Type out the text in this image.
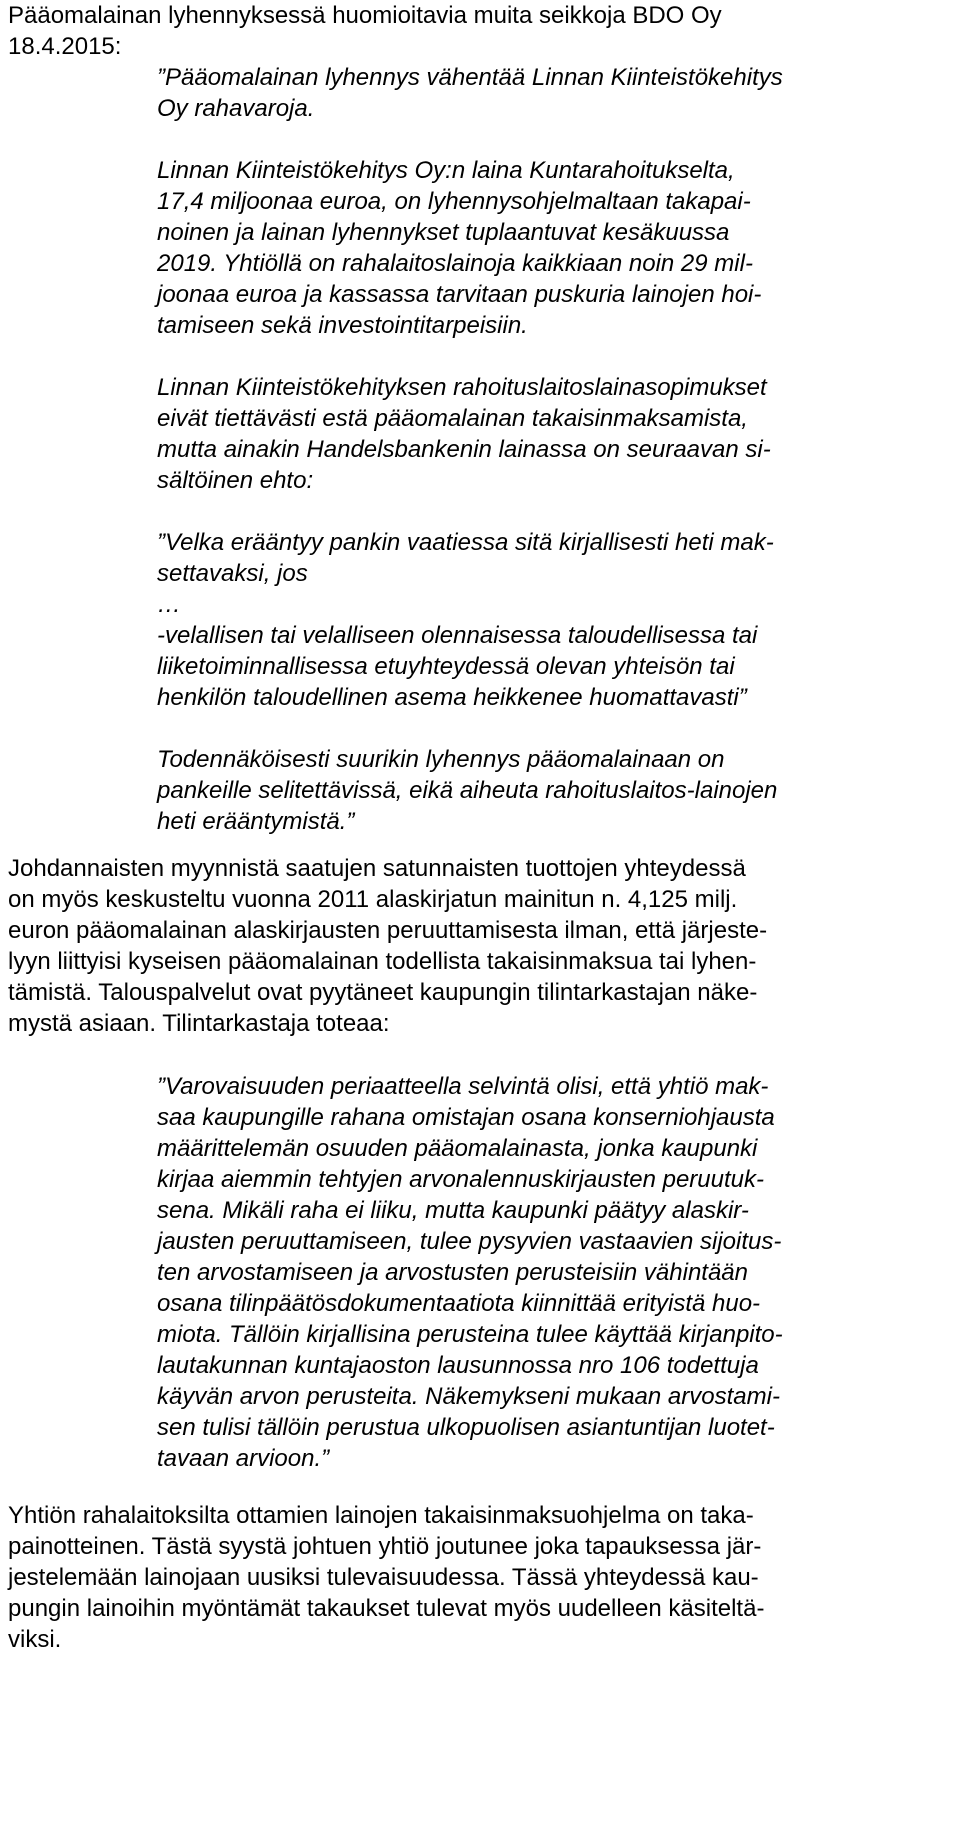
Pääomalainan lyhennyksessä huomioitavia muita seikkoja BDO Oy

18.4.2015:

”Pääomalainan lyhennys vähentää Linnan Kiinteistökehitys

Oy rahavaroja.

Linnan Kiinteistökehitys Oy:n laina Kuntarahoitukselta,

17,4 miljoonaa euroa, on lyhennysohjelmaltaan takapai-

noinen ja lainan lyhennykset tuplaantuvat kesäkuussa

2019. Yhtiöllä on rahalaitoslainoja kaikkiaan noin 29 mil-

joonaa euroa ja kassassa tarvitaan puskuria lainojen hoi-

tamiseen sekä investointitarpeisiin.

Linnan Kiinteistökehityksen rahoituslaitoslainasopimukset

eivät tiettävästi estä pääomalainan takaisinmaksamista,

mutta ainakin Handelsbankenin lainassa on seuraavan si-

sältöinen ehto:

”Velka erääntyy pankin vaatiessa sitä kirjallisesti heti mak-

settavaksi, jos

…

-velallisen tai velalliseen olennaisessa taloudellisessa tai

liiketoiminnallisessa etuyhteydessä olevan yhteisön tai

henkilön taloudellinen asema heikkenee huomattavasti”

Todennäköisesti suurikin lyhennys pääomalainaan on

pankeille selitettävissä, eikä aiheuta rahoituslaitos-lainojen

heti erääntymistä.”

Johdannaisten myynnistä saatujen satunnaisten tuottojen yhteydessä

on myös keskusteltu vuonna 2011 alaskirjatun mainitun n. 4,125 milj.

euron pääomalainan alaskirjausten peruuttamisesta ilman, että järjeste-

lyyn liittyisi kyseisen pääomalainan todellista takaisinmaksua tai lyhen-

tämistä. Talouspalvelut ovat pyytäneet kaupungin tilintarkastajan näke-

mystä asiaan. Tilintarkastaja toteaa:

”Varovaisuuden periaatteella selvintä olisi, että yhtiö mak-

saa kaupungille rahana omistajan osana konserniohjausta

määrittelemän osuuden pääomalainasta, jonka kaupunki

kirjaa aiemmin tehtyjen arvonalennuskirjausten peruutuk-

sena. Mikäli raha ei liiku, mutta kaupunki päätyy alaskir-

jausten peruuttamiseen, tulee pysyvien vastaavien sijoitus-

ten arvostamiseen ja arvostusten perusteisiin vähintään

osana tilinpäätösdokumentaatiota kiinnittää erityistä huo-

miota. Tällöin kirjallisina perusteina tulee käyttää kirjanpito-

lautakunnan kuntajaoston lausunnossa nro 106 todettuja

käyvän arvon perusteita. Näkemykseni mukaan arvostami-

sen tulisi tällöin perustua ulkopuolisen asiantuntijan luotet-

tavaan arvioon.”

Yhtiön rahalaitoksilta ottamien lainojen takaisinmaksuohjelma on taka-

painotteinen. Tästä syystä johtuen yhtiö joutunee joka tapauksessa jär-

jestelemään lainojaan uusiksi tulevaisuudessa. Tässä yhteydessä kau-

pungin lainoihin myöntämät takaukset tulevat myös uudelleen käsiteltä-

viksi.
